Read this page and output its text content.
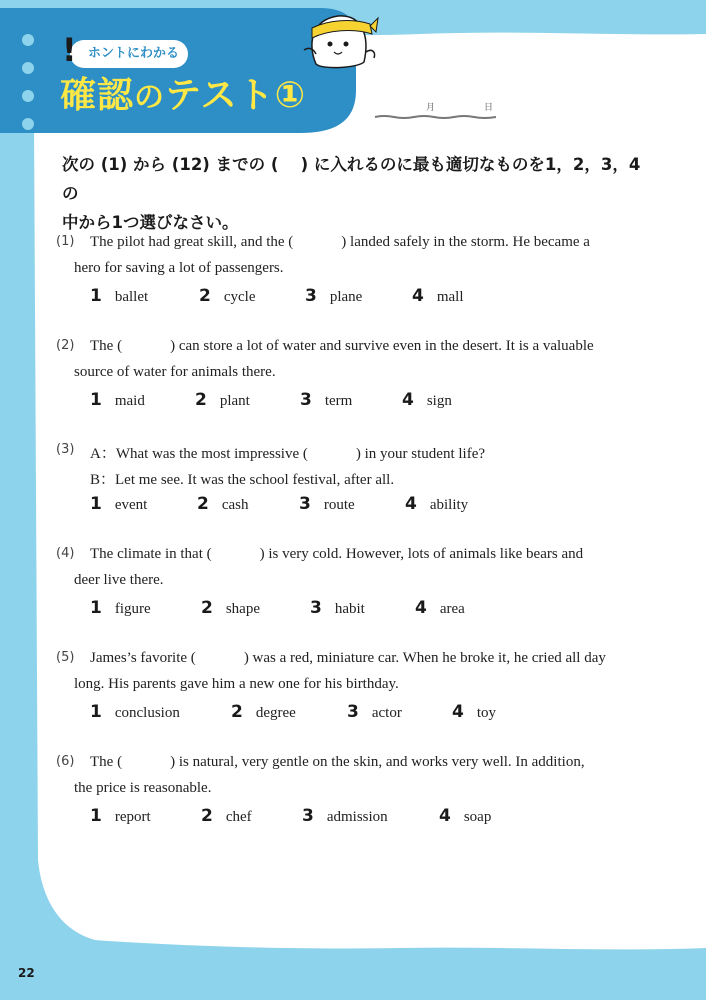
! ホントにわかる
確認のテスト①	月	日
次の (1) から (12) までの (　 ) に入れるのに最も適切なものを1，2，3，4の
中から1つ選びなさい。
(1) The pilot had great skill, and the (	) landed safely in the storm. He became a
hero for saving a lot of passengers.
1 ballet	2 cycle	3 plane	4 mall
(2) The (	) can store a lot of water and survive even in the desert. It is a valuable
source of water for animals there.
1 maid	2 plant	3 term	4 sign
(3) A：What was the most impressive (	) in your student life?
B：Let me see. It was the school festival, after all.
1 event	2 cash	3 route	4 ability
(4) The climate in that (	) is very cold. However, lots of animals like bears and
deer live there.
1 figure	2 shape	3 habit	4 area
(5) James’s favorite (	) was a red, miniature car. When he broke it, he cried all day
long. His parents gave him a new one for his birthday.
1 conclusion	2 degree	3 actor	4 toy
(6) The (	) is natural, very gentle on the skin, and works very well. In addition,
the price is reasonable.
1 report	2 chef	3 admission	4 soap
22
